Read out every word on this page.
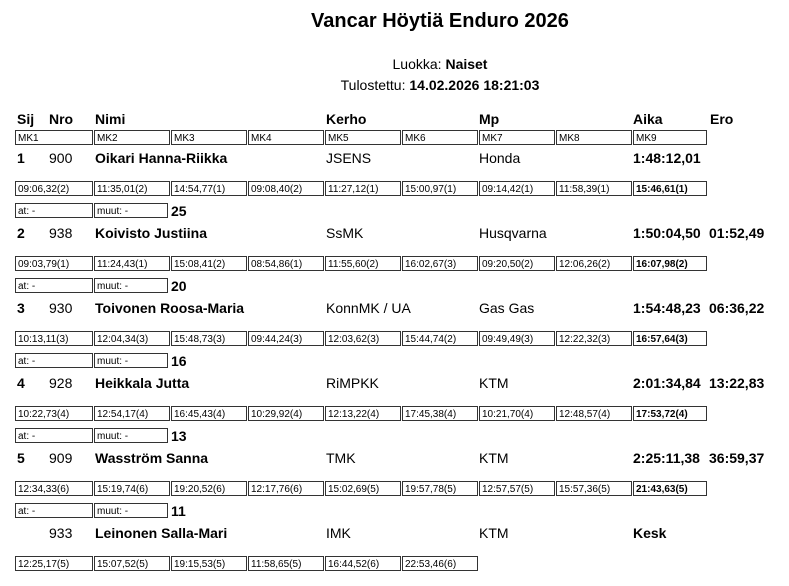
Vancar Höytiä Enduro 2026
Luokka: Naiset
Tulostettu: 14.02.2026 18:21:03
Sij Nro Nimi	Kerho	Mp	Aika	Ero
MK1	MK2	MK3	MK4	MK5	MK6	MK7	MK8	MK9
1 900 Oikari Hanna-Riikka	JSENS	Honda	1:48:12,01
09:06,32(2)	11:35,01(2)	14:54,77(1)	09:08,40(2)	11:27,12(1)	15:00,97(1)	09:14,42(1)	11:58,39(1)	15:46,61(1)
at: -	muut: -	25
2 938 Koivisto Justiina	SsMK	Husqvarna	1:50:04,50 01:52,49
09:03,79(1)	11:24,43(1)	15:08,41(2)	08:54,86(1)	11:55,60(2)	16:02,67(3)	09:20,50(2)	12:06,26(2)	16:07,98(2)
at: -	muut: -	20
3 930 Toivonen Roosa-Maria	KonnMK / UA	Gas Gas	1:54:48,23 06:36,22
10:13,11(3)	12:04,34(3)	15:48,73(3)	09:44,24(3)	12:03,62(3)	15:44,74(2)	09:49,49(3)	12:22,32(3)	16:57,64(3)
at: -	muut: -	16
4 928 Heikkala Jutta	RiMPKK	KTM	2:01:34,84 13:22,83
10:22,73(4)	12:54,17(4)	16:45,43(4)	10:29,92(4)	12:13,22(4)	17:45,38(4)	10:21,70(4)	12:48,57(4)	17:53,72(4)
at: -	muut: -	13
5 909 Wasström Sanna	TMK	KTM	2:25:11,38 36:59,37
12:34,33(6)	15:19,74(6)	19:20,52(6)	12:17,76(6)	15:02,69(5)	19:57,78(5)	12:57,57(5)	15:57,36(5)	21:43,63(5)
at: -	muut: -	11
933 Leinonen Salla-Mari	IMK	KTM	Kesk
12:25,17(5)	15:07,52(5)	19:15,53(5)	11:58,65(5)	16:44,52(6)	22:53,46(6)
